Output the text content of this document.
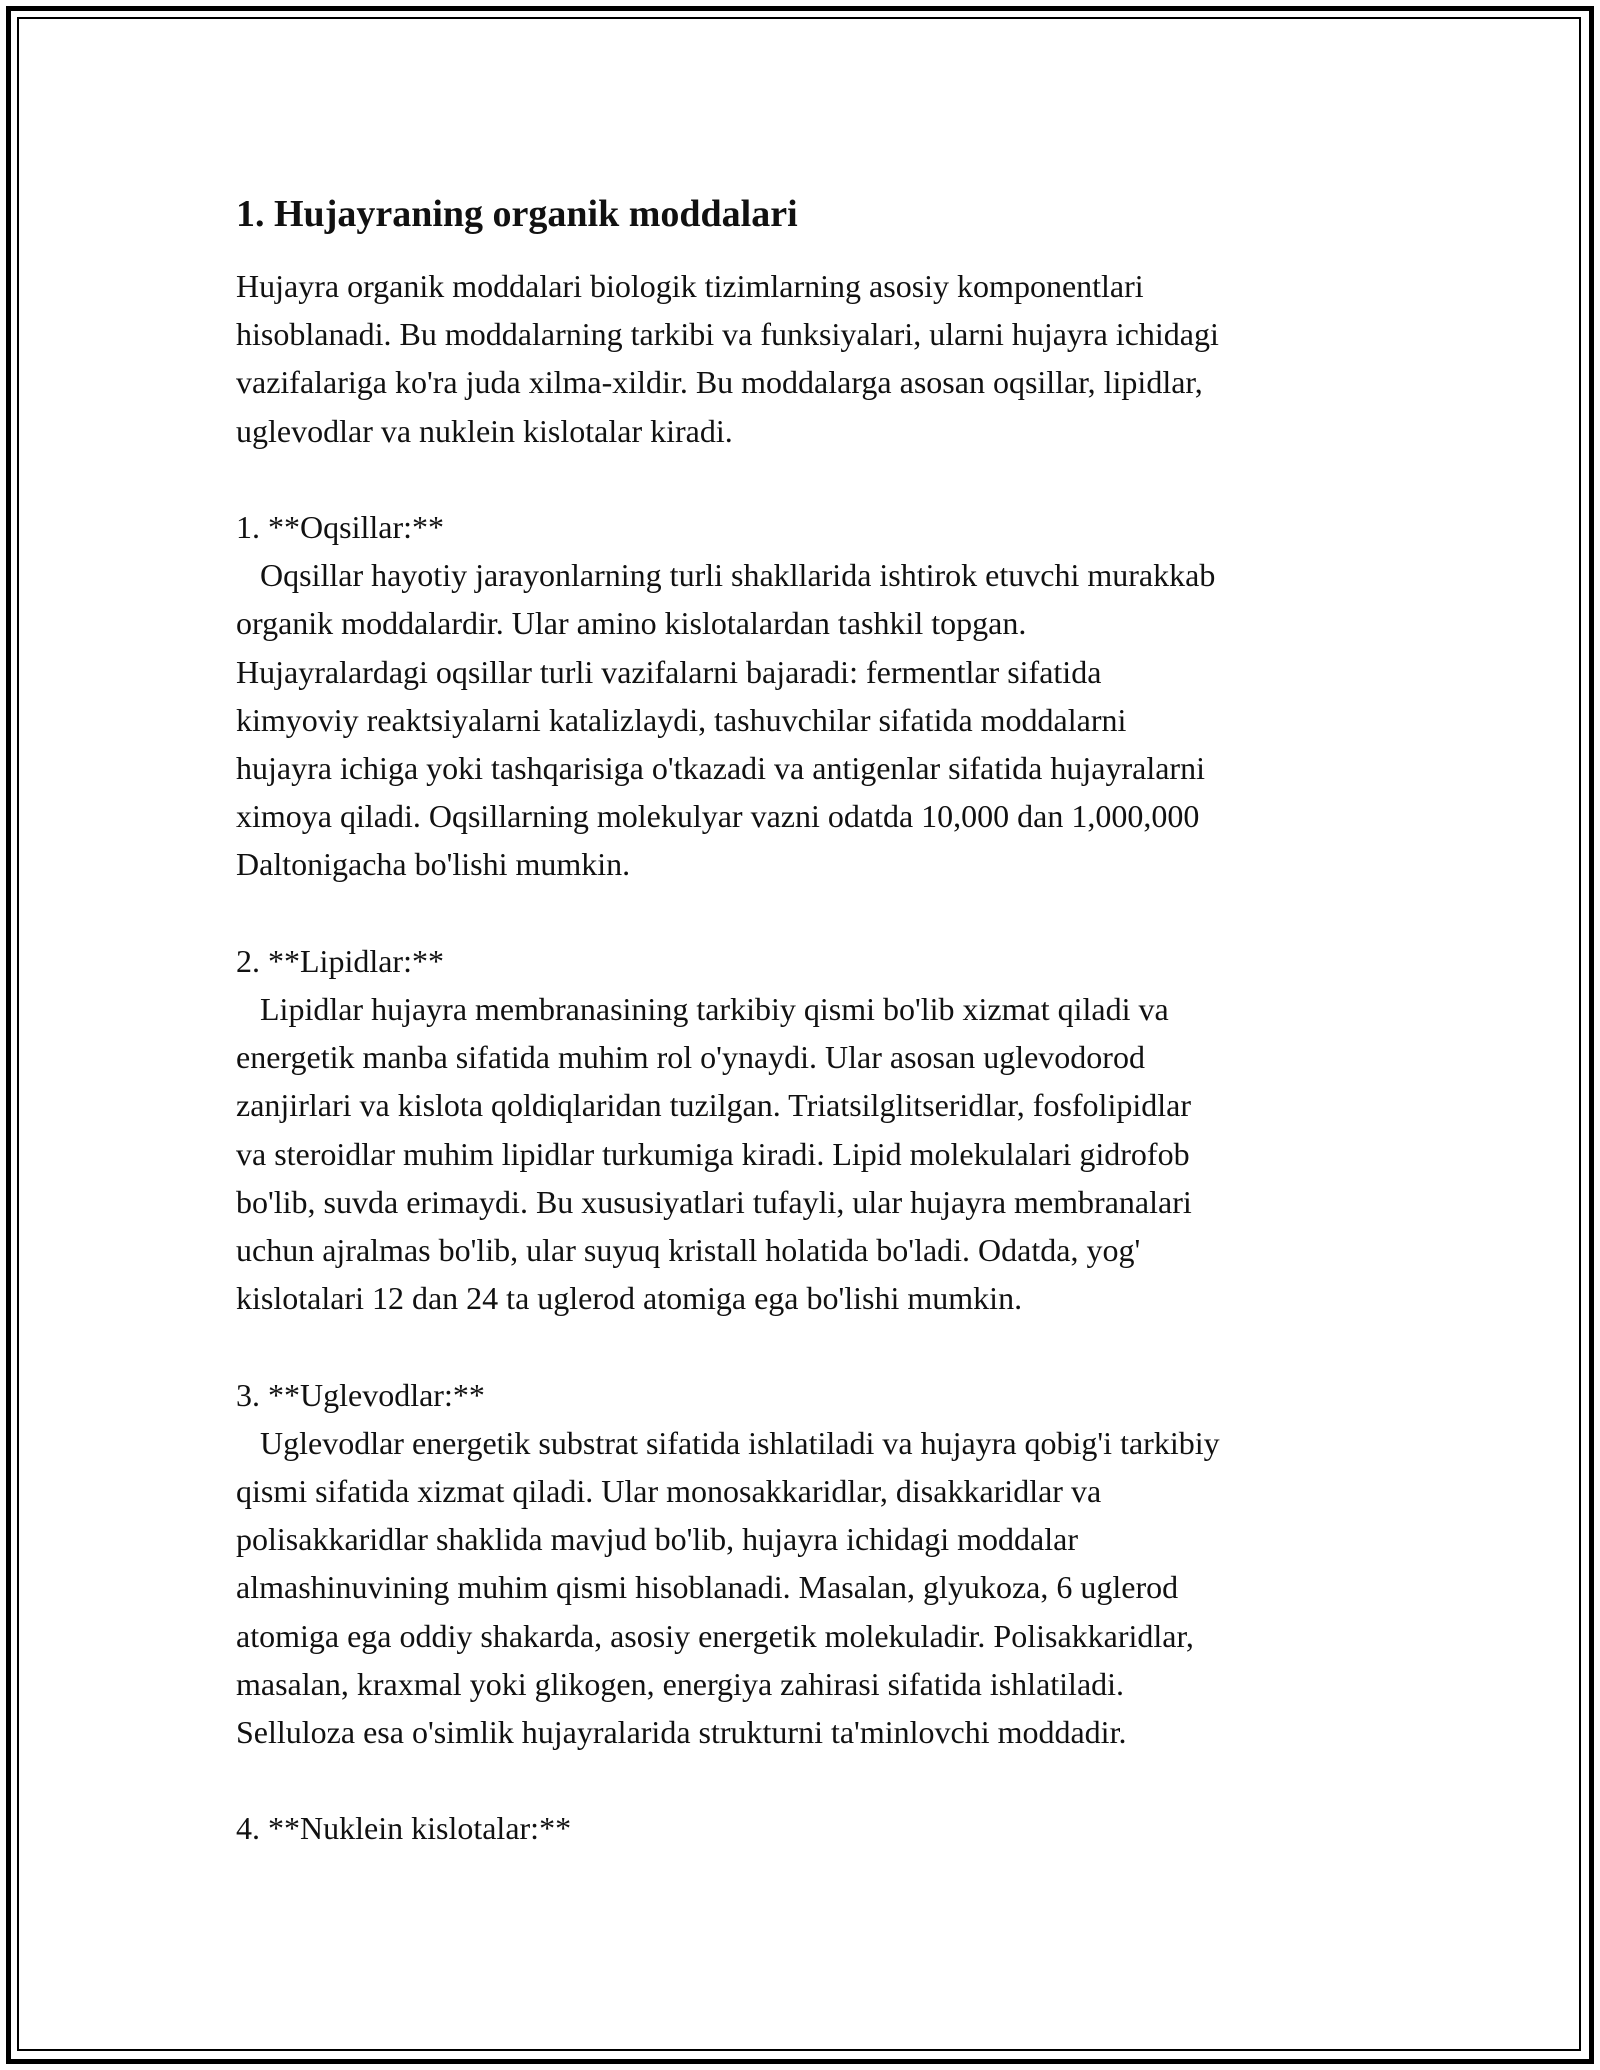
1. Hujayraning organik moddalari
Hujayra organik moddalari biologik tizimlarning asosiy komponentlari
hisoblanadi. Bu moddalarning tarkibi va funksiyalari, ularni hujayra ichidagi
vazifalariga ko'ra juda xilma-xildir. Bu moddalarga asosan oqsillar, lipidlar,
uglevodlar va nuklein kislotalar kiradi.
1. **Oqsillar:**
Oqsillar hayotiy jarayonlarning turli shakllarida ishtirok etuvchi murakkab
organik moddalardir. Ular amino kislotalardan tashkil topgan.
Hujayralardagi oqsillar turli vazifalarni bajaradi: fermentlar sifatida
kimyoviy reaktsiyalarni katalizlaydi, tashuvchilar sifatida moddalarni
hujayra ichiga yoki tashqarisiga o'tkazadi va antigenlar sifatida hujayralarni
ximoya qiladi. Oqsillarning molekulyar vazni odatda 10,000 dan 1,000,000
Daltonigacha bo'lishi mumkin.
2. **Lipidlar:**
Lipidlar hujayra membranasining tarkibiy qismi bo'lib xizmat qiladi va
energetik manba sifatida muhim rol o'ynaydi. Ular asosan uglevodorod
zanjirlari va kislota qoldiqlaridan tuzilgan. Triatsilglitseridlar, fosfolipidlar
va steroidlar muhim lipidlar turkumiga kiradi. Lipid molekulalari gidrofob
bo'lib, suvda erimaydi. Bu xususiyatlari tufayli, ular hujayra membranalari
uchun ajralmas bo'lib, ular suyuq kristall holatida bo'ladi. Odatda, yog'
kislotalari 12 dan 24 ta uglerod atomiga ega bo'lishi mumkin.
3. **Uglevodlar:**
Uglevodlar energetik substrat sifatida ishlatiladi va hujayra qobig'i tarkibiy
qismi sifatida xizmat qiladi. Ular monosakkaridlar, disakkaridlar va
polisakkaridlar shaklida mavjud bo'lib, hujayra ichidagi moddalar
almashinuvining muhim qismi hisoblanadi. Masalan, glyukoza, 6 uglerod
atomiga ega oddiy shakarda, asosiy energetik molekuladir. Polisakkaridlar,
masalan, kraxmal yoki glikogen, energiya zahirasi sifatida ishlatiladi.
Selluloza esa o'simlik hujayralarida strukturni ta'minlovchi moddadir.
4. **Nuklein kislotalar:**
